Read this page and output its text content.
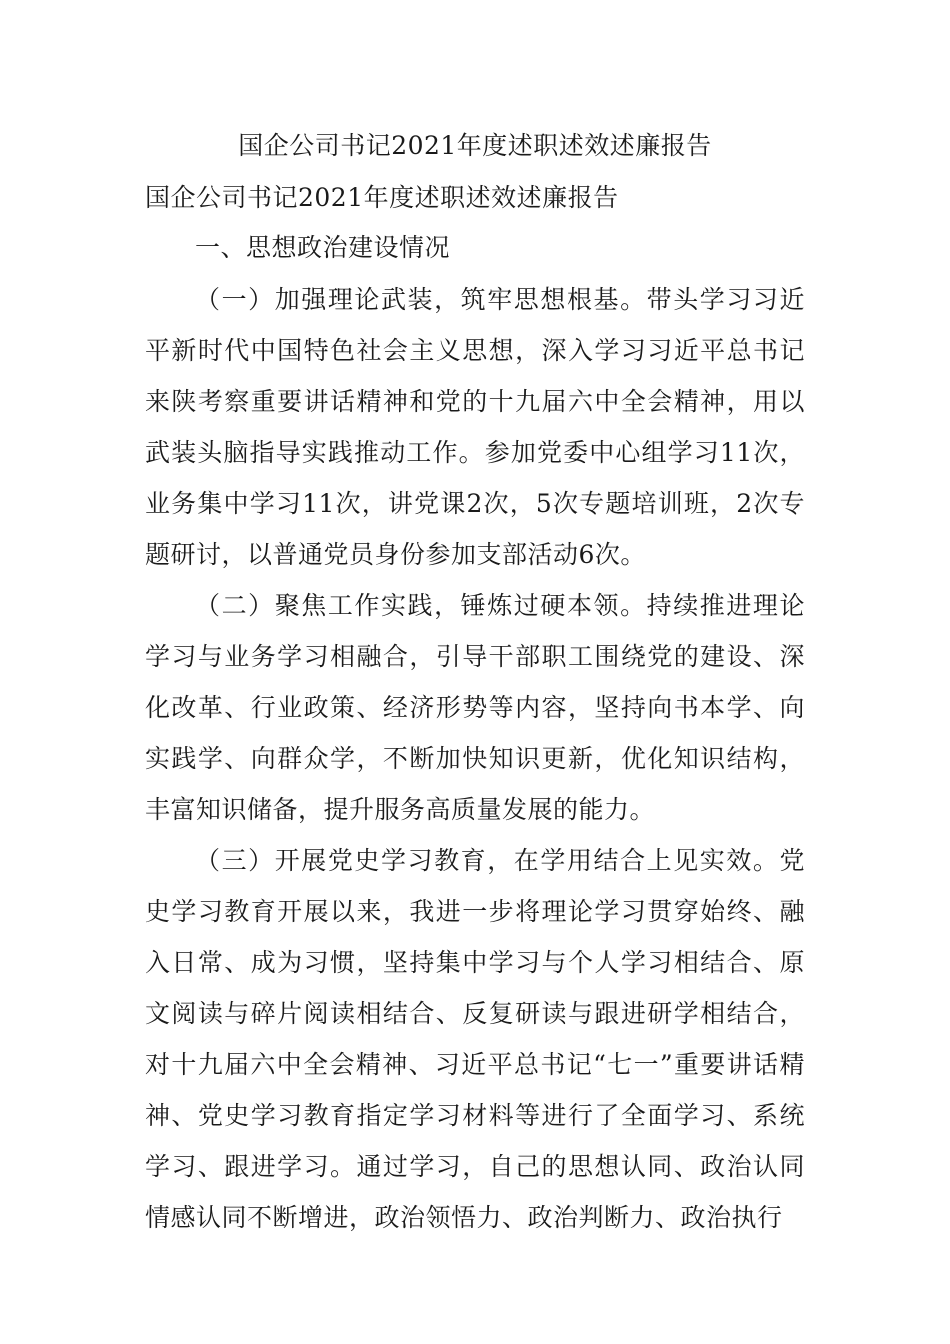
国企公司书记2021年度述职述效述廉报告

国企公司书记2021年度述职述效述廉报告

一、思想政治建设情况

（一）加强理论武装，筑牢思想根基。带头学习习近平新时代中国特色社会主义思想，深入学习习近平总书记来陕考察重要讲话精神和党的十九届六中全会精神，用以武装头脑指导实践推动工作。参加党委中心组学习11次，业务集中学习11次，讲党课2次，5次专题培训班，2次专题研讨，以普通党员身份参加支部活动6次。

（二）聚焦工作实践，锤炼过硬本领。持续推进理论学习与业务学习相融合，引导干部职工围绕党的建设、深化改革、行业政策、经济形势等内容，坚持向书本学、向实践学、向群众学，不断加快知识更新，优化知识结构，丰富知识储备，提升服务高质量发展的能力。

（三）开展党史学习教育，在学用结合上见实效。党史学习教育开展以来，我进一步将理论学习贯穿始终、融入日常、成为习惯，坚持集中学习与个人学习相结合、原文阅读与碎片阅读相结合、反复研读与跟进研学相结合，对十九届六中全会精神、习近平总书记“七一”重要讲话精神、党史学习教育指定学习材料等进行了全面学习、系统学习、跟进学习。通过学习，自己的思想认同、政治认同情感认同不断增进，政治领悟力、政治判断力、政治执行
